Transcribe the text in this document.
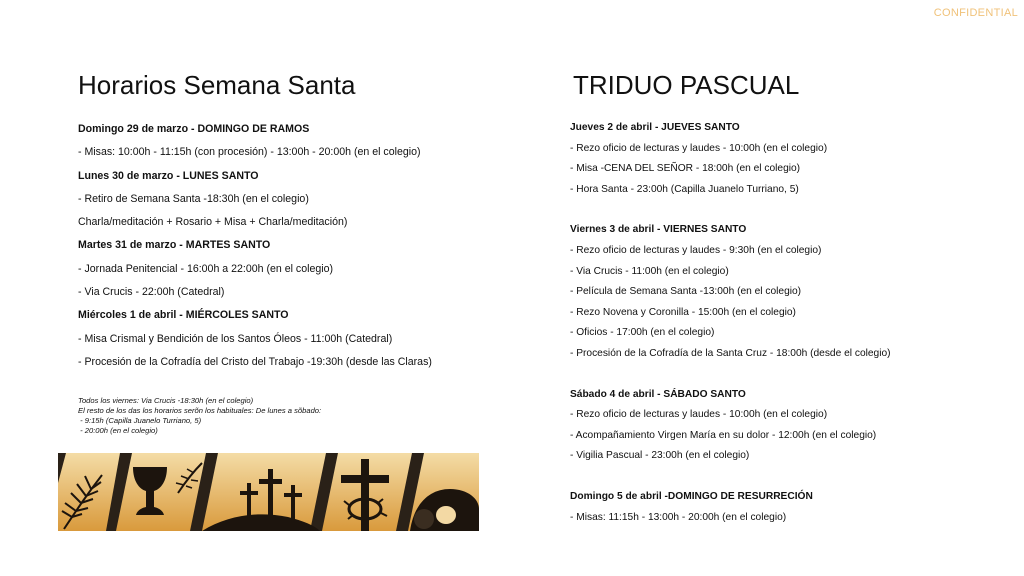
CONFIDENTIAL
Horarios Semana Santa	TRIDUO PASCUAL
Domingo 29 de marzo - DOMINGO DE RAMOS
- Misas: 10:00h - 11:15h (con procesión) - 13:00h - 20:00h (en el colegio)
Lunes 30 de marzo - LUNES SANTO
- Retiro de Semana Santa -18:30h (en el colegio)
Charla/meditación + Rosario + Misa + Charla/meditación)
Martes 31 de marzo - MARTES SANTO
- Jornada Penitencial - 16:00h a 22:00h (en el colegio)
- Via Crucis - 22:00h (Catedral)
Miércoles 1 de abril - MIÉRCOLES SANTO
- Misa Crismal y Bendición de los Santos Óleos - 11:00h (Catedral)
- Procesión de la Cofradía del Cristo del Trabajo -19:30h (desde las Claras)
Todos los viernes: Via Crucis -18:30h (en el colegio)
El resto de los das los horarios serõn los habituales: De lunes a sõbado:
- 9:15h (Capilla Juanelo Turriano, 5)
- 20:00h (en el colegio)
Jueves 2 de abril - JUEVES SANTO
- Rezo oficio de lecturas y laudes - 10:00h (en el colegio)
- Misa -CENA DEL SEÑOR - 18:00h (en el colegio)
- Hora Santa - 23:00h (Capilla Juanelo Turriano, 5)
Viernes 3 de abril - VIERNES SANTO
- Rezo oficio de lecturas y laudes - 9:30h (en el colegio)
- Via Crucis - 11:00h (en el colegio)
- Película de Semana Santa -13:00h (en el colegio)
- Rezo Novena y Coronilla - 15:00h (en el colegio)
- Oficios - 17:00h (en el colegio)
- Procesión de la Cofradía de la Santa Cruz - 18:00h (desde el colegio)
Sábado 4 de abril - SÁBADO SANTO
- Rezo oficio de lecturas y laudes - 10:00h (en el colegio)
- Acompañamiento Virgen María en su dolor - 12:00h (en el colegio)
- Vigilia Pascual - 23:00h (en el colegio)
Domingo 5 de abril -DOMINGO DE RESURRECIÓN
- Misas: 11:15h - 13:00h - 20:00h (en el colegio)
